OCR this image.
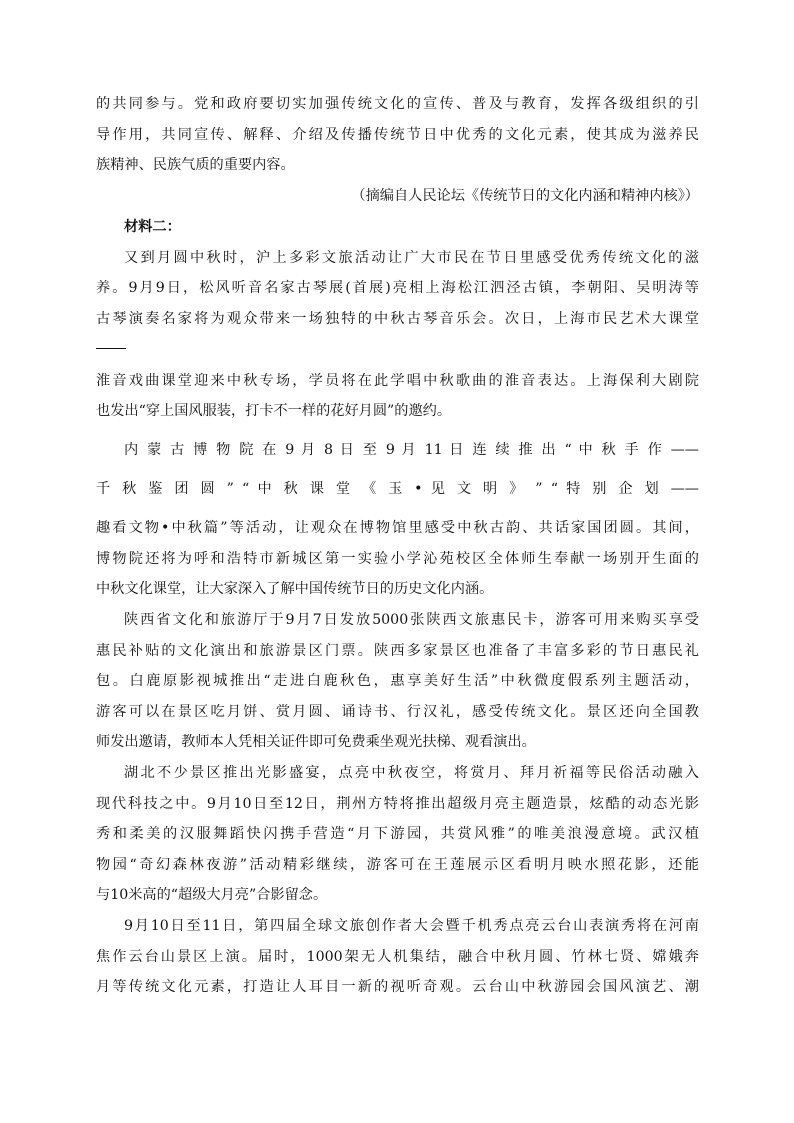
的共同参与。党和政府要切实加强传统文化的宣传、普及与教育，发挥各级组织的引
导作用，共同宣传、解释、介绍及传播传统节日中优秀的文化元素，使其成为滋养民
族精神、民族气质的重要内容。
（摘编自人民论坛《传统节日的文化内涵和精神内核》）
材料二：
又到月圆中秋时，沪上多彩文旅活动让广大市民在节日里感受优秀传统文化的滋
养。9月9日，松风听音名家古琴展(首展)亮相上海松江泗泾古镇，李朝阳、吴明涛等
古琴演奏名家将为观众带来一场独特的中秋古琴音乐会。次日，上海市民艺术大课堂
淮音戏曲课堂迎来中秋专场，学员将在此学唱中秋歌曲的淮音表达。上海保利大剧院
也发出“穿上国风服装，打卡不一样的花好月圆”的邀约。
内 蒙 古 博 物 院 在 9 月 8 日 至 9 月 11 日 连 续 推 出 “ 中 秋 手 作 ——
千 秋 鉴 团 圆 ” “ 中 秋 课 堂 《 玉 • 见 文 明 》 ” “ 特 别 企 划 ——
趣看文物•中秋篇”等活动，让观众在博物馆里感受中秋古韵、共话家国团圆。其间，
博物院还将为呼和浩特市新城区第一实验小学沁苑校区全体师生奉献一场别开生面的
中秋文化课堂，让大家深入了解中国传统节日的历史文化内涵。
陕西省文化和旅游厅于9月7日发放5000张陕西文旅惠民卡，游客可用来购买享受
惠民补贴的文化演出和旅游景区门票。陕西多家景区也准备了丰富多彩的节日惠民礼
包。白鹿原影视城推出“走进白鹿秋色，惠享美好生活”中秋微度假系列主题活动，
游客可以在景区吃月饼、赏月圆、诵诗书、行汉礼，感受传统文化。景区还向全国教
师发出邀请，教师本人凭相关证件即可免费乘坐观光扶梯、观看演出。
湖北不少景区推出光影盛宴，点亮中秋夜空，将赏月、拜月祈福等民俗活动融入
现代科技之中。9月10日至12日，荆州方特将推出超级月亮主题造景，炫酷的动态光影
秀和柔美的汉服舞蹈快闪携手营造“月下游园，共赏风雅”的唯美浪漫意境。武汉植
物园“奇幻森林夜游”活动精彩继续，游客可在王莲展示区看明月映水照花影，还能
与10米高的“超级大月亮”合影留念。
9月10日至11日，第四届全球文旅创作者大会暨千机秀点亮云台山表演秀将在河南
焦作云台山景区上演。届时，1000架无人机集结，融合中秋月圆、竹林七贤、嫦娥奔
月等传统文化元素，打造让人耳目一新的视听奇观。云台山中秋游园会国风演艺、潮
